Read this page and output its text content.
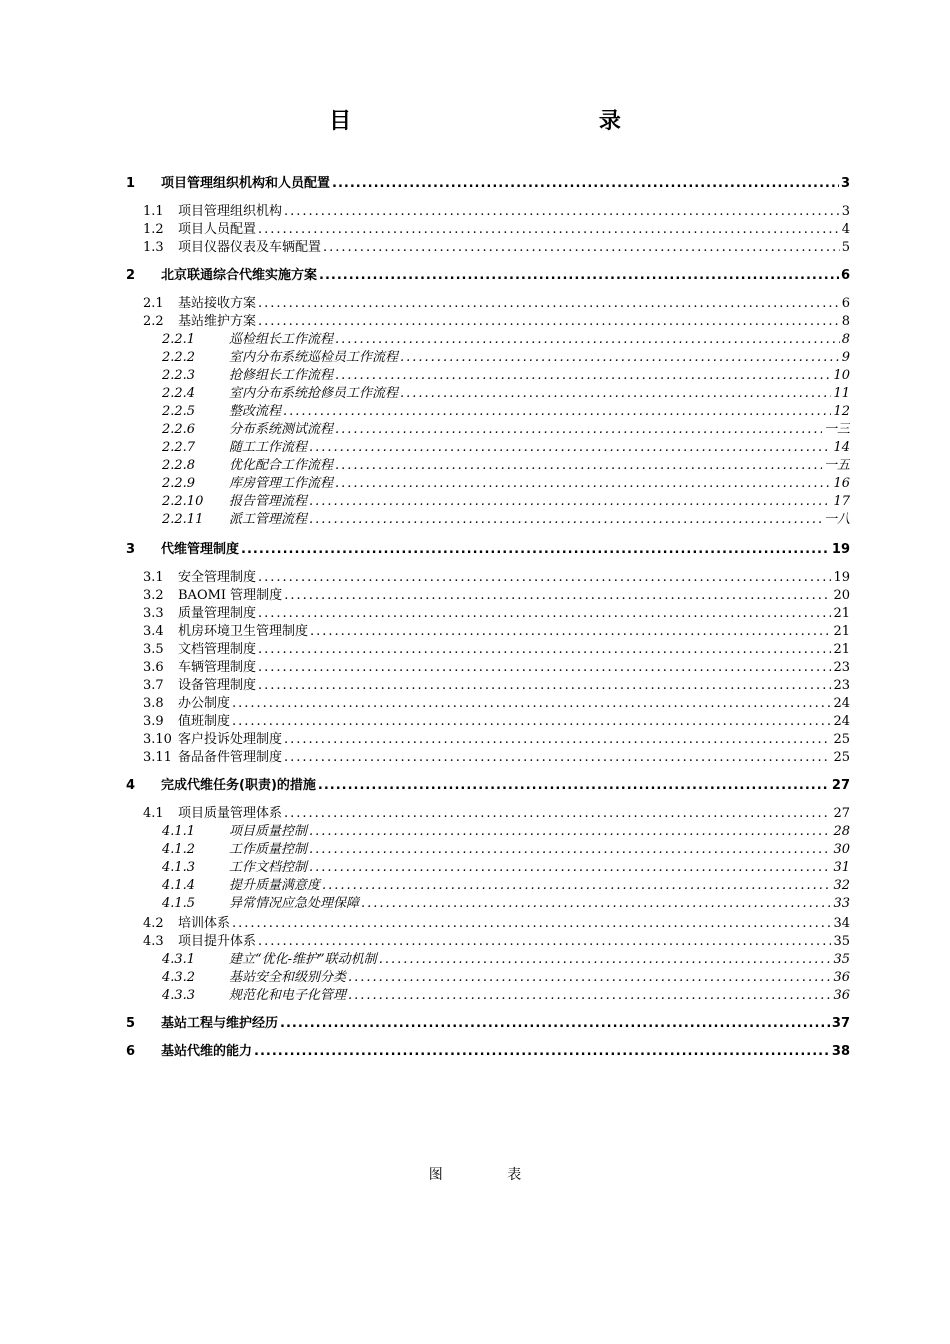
目 录
1	项目管理组织机构和人员配置 .....	3
1.1	项目管理组织机构 .....	3
1.2	项目人员配置 .....	4
1.3	项目仪器仪表及车辆配置 .....	5
2	北京联通综合代维实施方案 .....	6
2.1	基站接收方案 .....	6
2.2	基站维护方案 .....	8
2.2.1	巡检组长工作流程 .....	8
2.2.2	室内分布系统巡检员工作流程 .....	9
2.2.3	抢修组长工作流程 .....	10
2.2.4	室内分布系统抢修员工作流程 .....	11
2.2.5	整改流程 .....	12
2.2.6	分布系统测试流程 .....	一三
2.2.7	随工工作流程 .....	14
2.2.8	优化配合工作流程 .....	一五
2.2.9	库房管理工作流程 .....	16
2.2.10	报告管理流程 .....	17
2.2.11	派工管理流程 .....	一八
3	代维管理制度 .....	19
3.1	安全管理制度 .....	19
3.2	BAOMI 管理制度 .....	20
3.3	质量管理制度 .....	21
3.4	机房环境卫生管理制度 .....	21
3.5	文档管理制度 .....	21
3.6	车辆管理制度 .....	23
3.7	设备管理制度 .....	23
3.8	办公制度 .....	24
3.9	值班制度 .....	24
3.10 客户投诉处理制度 .....	25
3.11 备品备件管理制度 .....	25
4	完成代维任务(职责)的措施 .....	27
4.1	项目质量管理体系 .....	27
4.1.1	项目质量控制 .....	28
4.1.2	工作质量控制 .....	30
4.1.3	工作文档控制 .....	31
4.1.4	提升质量满意度 .....	32
4.1.5	异常情况应急处理保障 .....	33
4.2	培训体系 .....	34
4.3	项目提升体系 .....	35
4.3.1	建立“优化-维护”联动机制 .....	35
4.3.2	基站安全和级别分类 .....	36
4.3.3	规范化和电子化管理 .....	36
5	基站工程与维护经历 .....	37
6	基站代维的能力 .....	38
图 表
